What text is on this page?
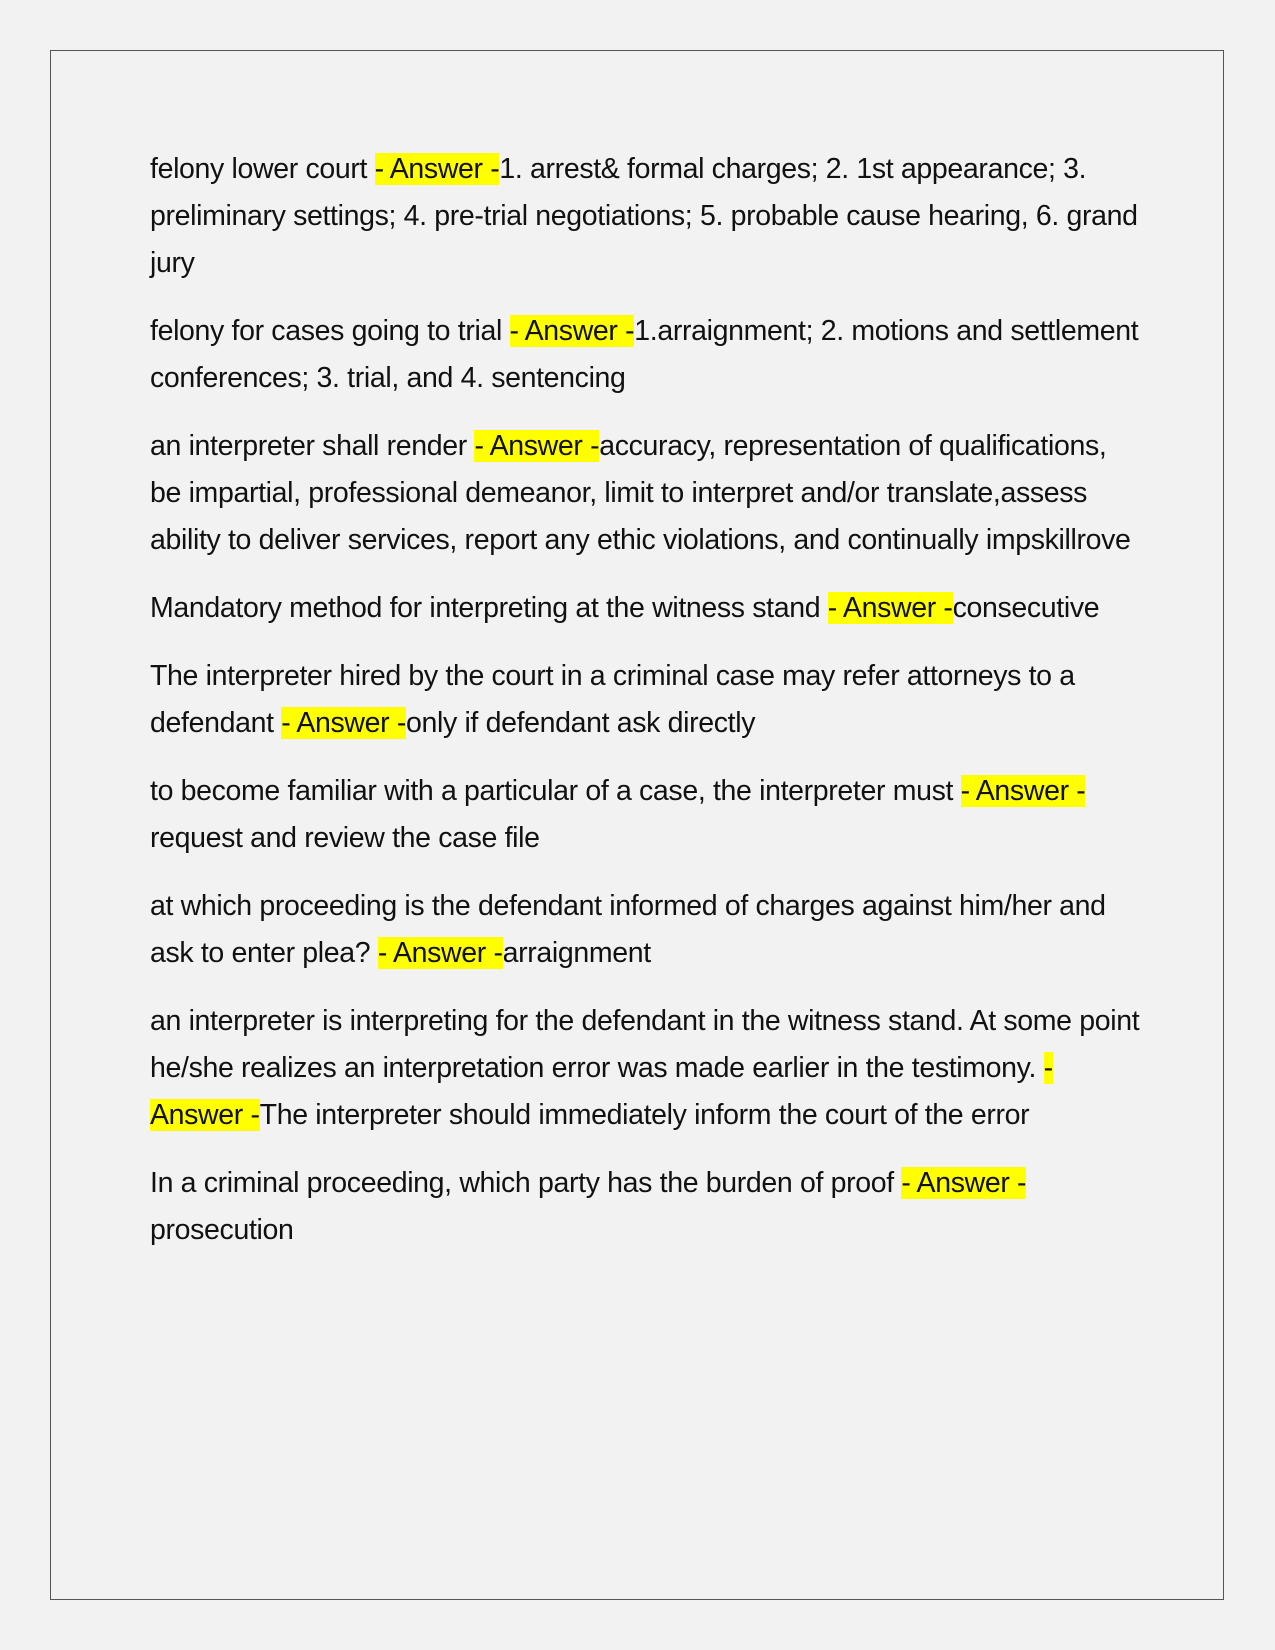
felony lower court - Answer -1. arrest& formal charges; 2. 1st appearance; 3. preliminary settings; 4. pre-trial negotiations; 5. probable cause hearing, 6. grand jury

felony for cases going to trial - Answer -1.arraignment; 2. motions and settlement conferences; 3. trial, and 4. sentencing

an interpreter shall render - Answer -accuracy, representation of qualifications, be impartial, professional demeanor, limit to interpret and/or translate,assess ability to deliver services, report any ethic violations, and continually impskillrove

Mandatory method for interpreting at the witness stand - Answer -consecutive

The interpreter hired by the court in a criminal case may refer attorneys to a defendant - Answer -only if defendant ask directly

to become familiar with a particular of a case, the interpreter must - Answer -request and review the case file

at which proceeding is the defendant informed of charges against him/her and ask to enter plea? - Answer -arraignment

an interpreter is interpreting for the defendant in the witness stand. At some point he/she realizes an interpretation error was made earlier in the testimony. - Answer -The interpreter should immediately inform the court of the error

In a criminal proceeding, which party has the burden of proof - Answer -prosecution
